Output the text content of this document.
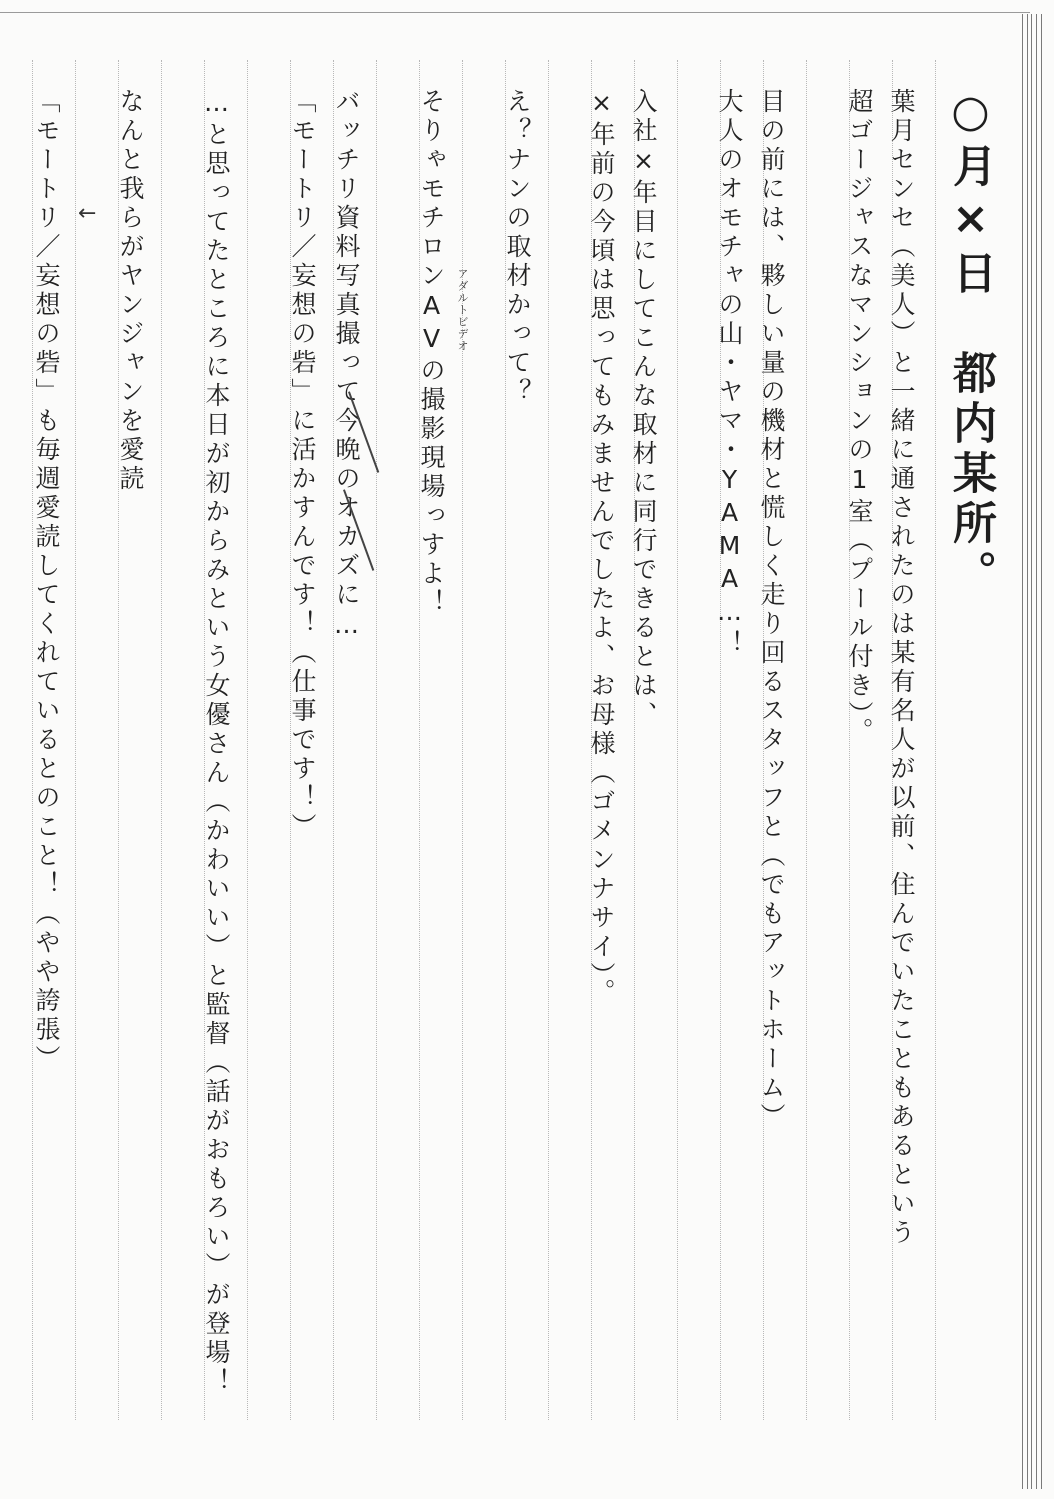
○月×日　都内某所。
葉月センセ（美人）と一緒に通されたのは某有名人が以前、住んでいたこともあるという
超ゴージャスなマンションの1室（プール付き）。
目の前には、夥しい量の機材と慌しく走り回るスタッフと（でもアットホーム）
大人のオモチャの山・ヤマ・YAMA…！
入社×年目にしてこんな取材に同行できるとは、
×年前の今頃は思ってもみませんでしたよ、お母様（ゴメンナサイ）。
え？ナンの取材かって？
そりゃモチロンAVの撮影現場っすよ！ アダルトビデオ
バッチリ資料写真撮って今晩のオカズに…
「モートリ／妄想の砦」に活かすんです！（仕事です！）
…と思ってたところに本日が初からみという女優さん（かわいい）と監督（話がおもろい）が登場！
なんと我らがヤンジャンを愛読
←
「モートリ／妄想の砦」も毎週愛読してくれているとのこと！（やや誇張）
